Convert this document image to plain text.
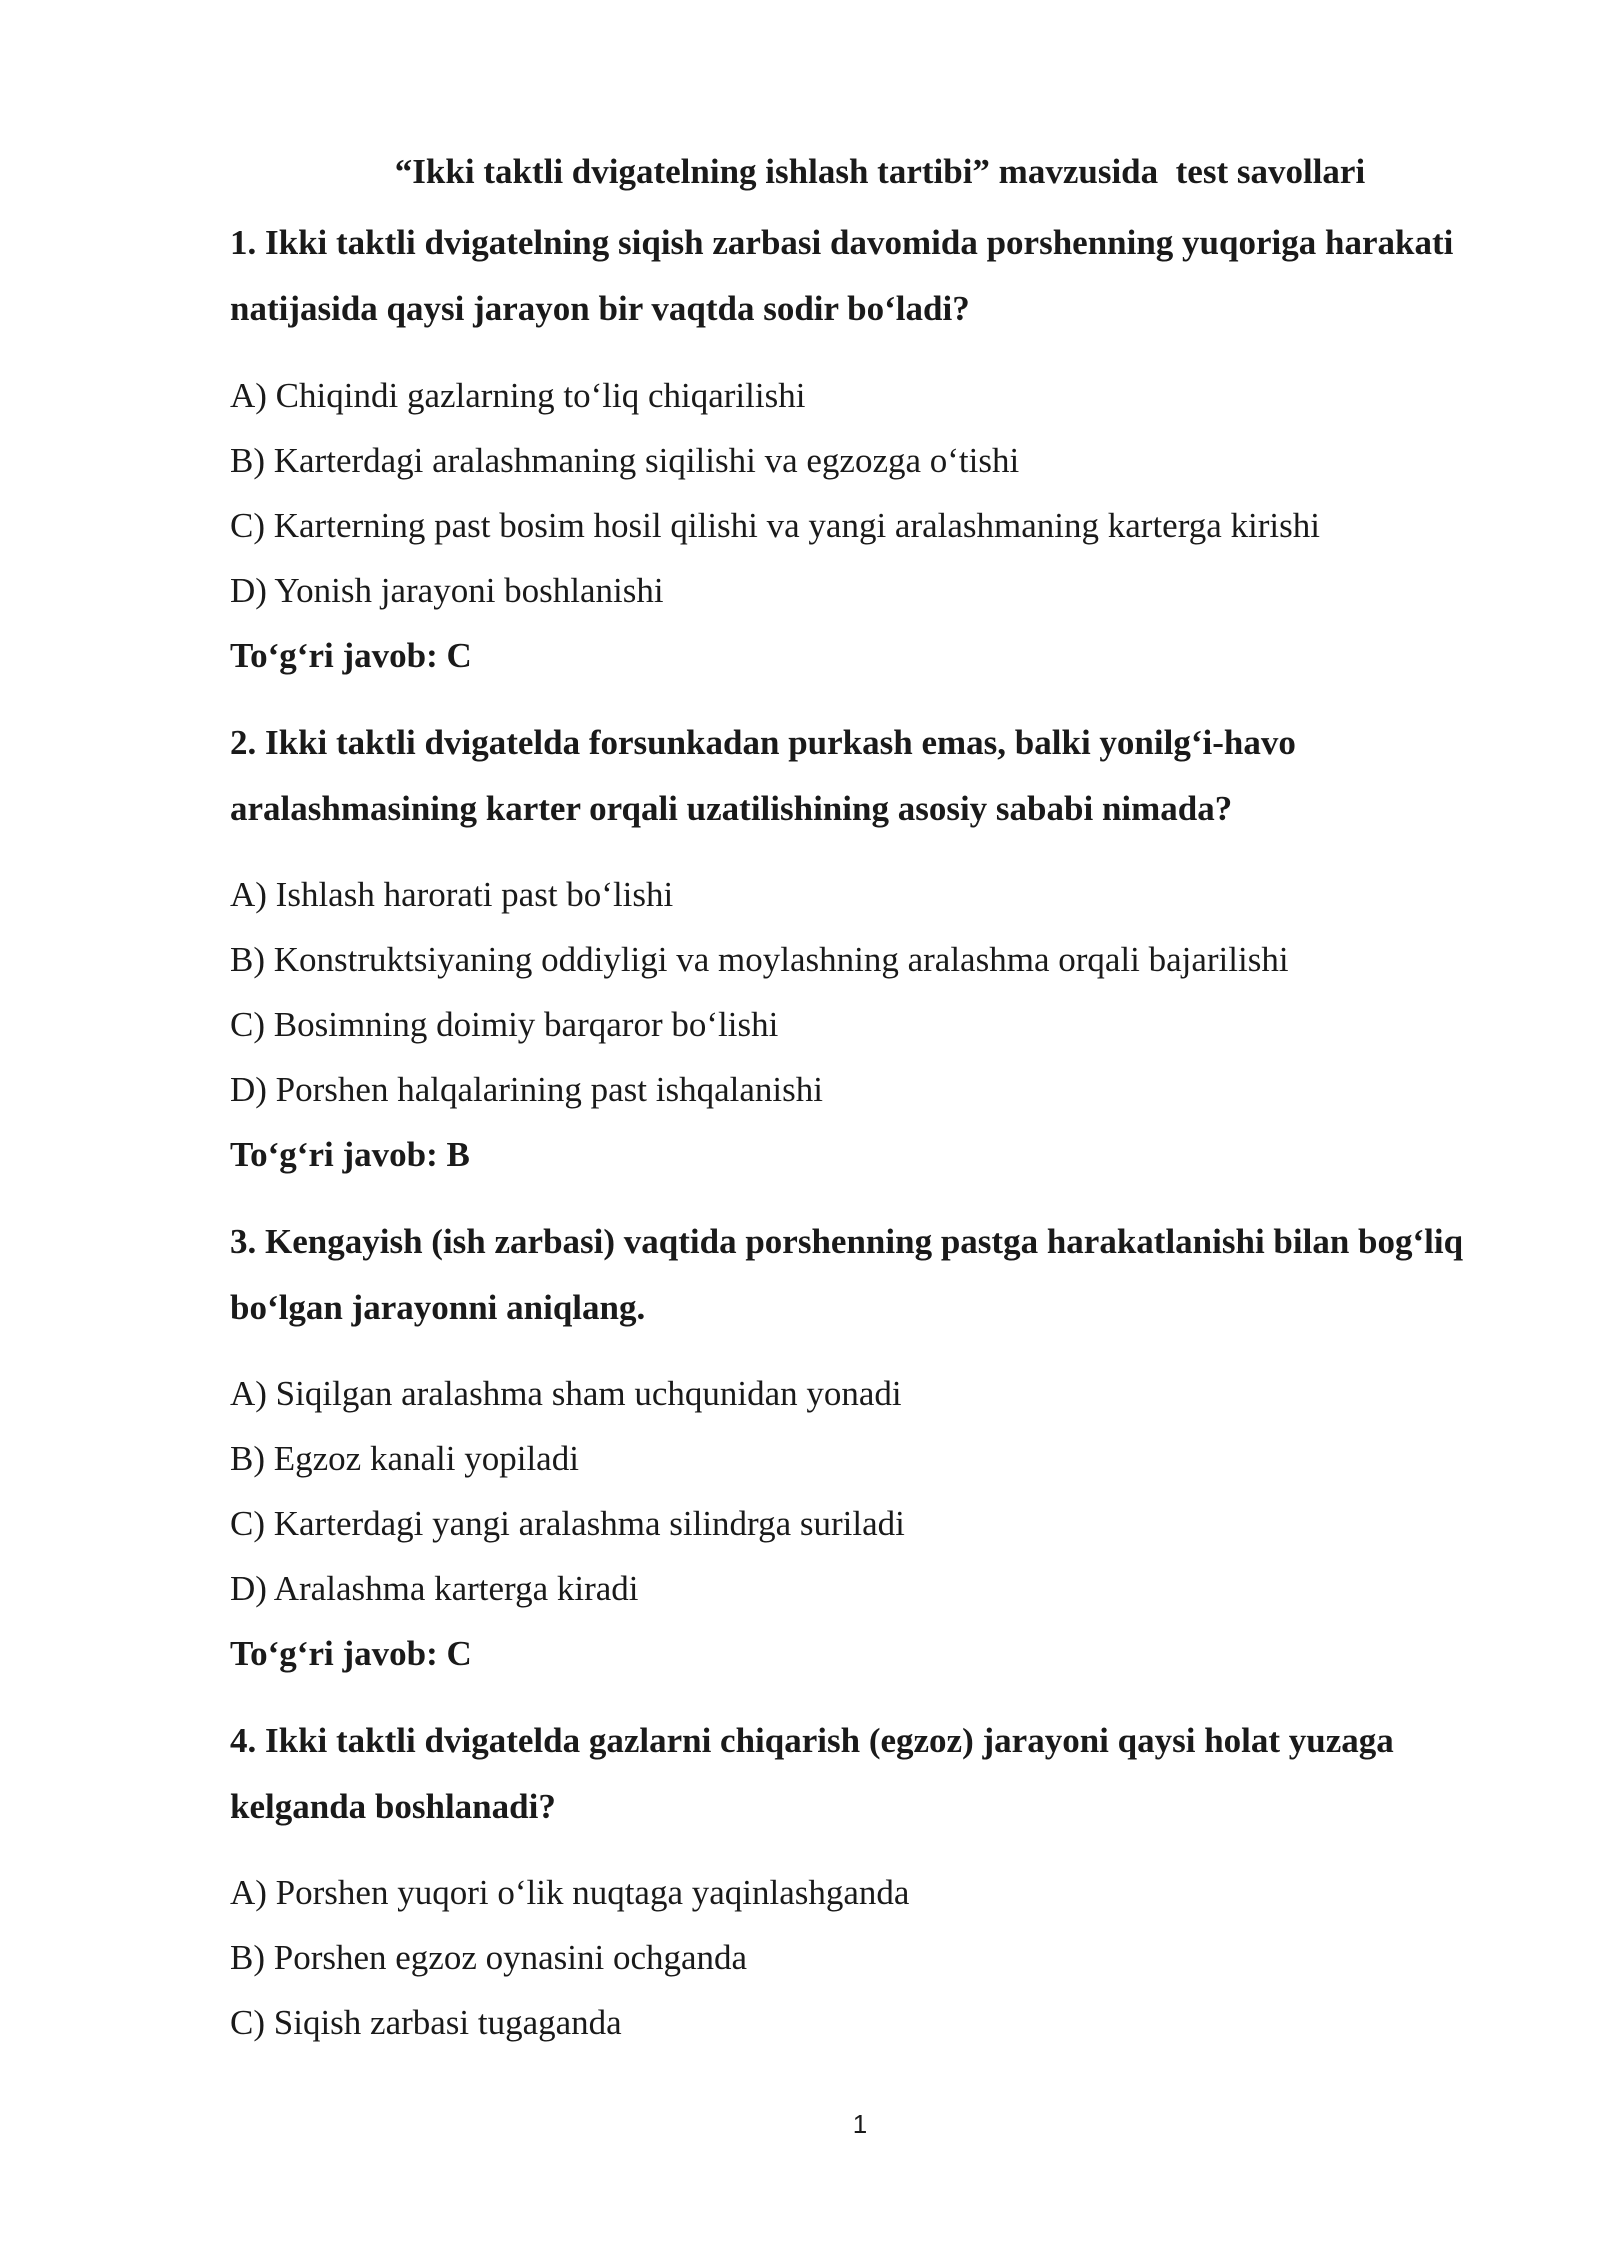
“Ikki taktli dvigatelning ishlash tartibi” mavzusida  test savollari
1. Ikki taktli dvigatelning siqish zarbasi davomida porshenning yuqoriga harakati natijasida qaysi jarayon bir vaqtda sodir bo‘ladi?
A) Chiqindi gazlarning to‘liq chiqarilishi
B) Karterdagi aralashmaning siqilishi va egzozga o‘tishi
C) Karterning past bosim hosil qilishi va yangi aralashmaning karterga kirishi
D) Yonish jarayoni boshlanishi
To‘g‘ri javob: C
2. Ikki taktli dvigatelda forsunkadan purkash emas, balki yonilg‘i-havo aralashmasining karter orqali uzatilishining asosiy sababi nimada?
A) Ishlash harorati past bo‘lishi
B) Konstruktsiyaning oddiyligi va moylashning aralashma orqali bajarilishi
C) Bosimning doimiy barqaror bo‘lishi
D) Porshen halqalarining past ishqalanishi
To‘g‘ri javob: B
3. Kengayish (ish zarbasi) vaqtida porshenning pastga harakatlanishi bilan bog‘liq bo‘lgan jarayonni aniqlang.
A) Siqilgan aralashma sham uchqunidan yonadi
B) Egzoz kanali yopiladi
C) Karterdagi yangi aralashma silindrga suriladi
D) Aralashma karterga kiradi
To‘g‘ri javob: C
4. Ikki taktli dvigatelda gazlarni chiqarish (egzoz) jarayoni qaysi holat yuzaga kelganda boshlanadi?
A) Porshen yuqori o‘lik nuqtaga yaqinlashganda
B) Porshen egzoz oynasini ochganda
C) Siqish zarbasi tugaganda
1
